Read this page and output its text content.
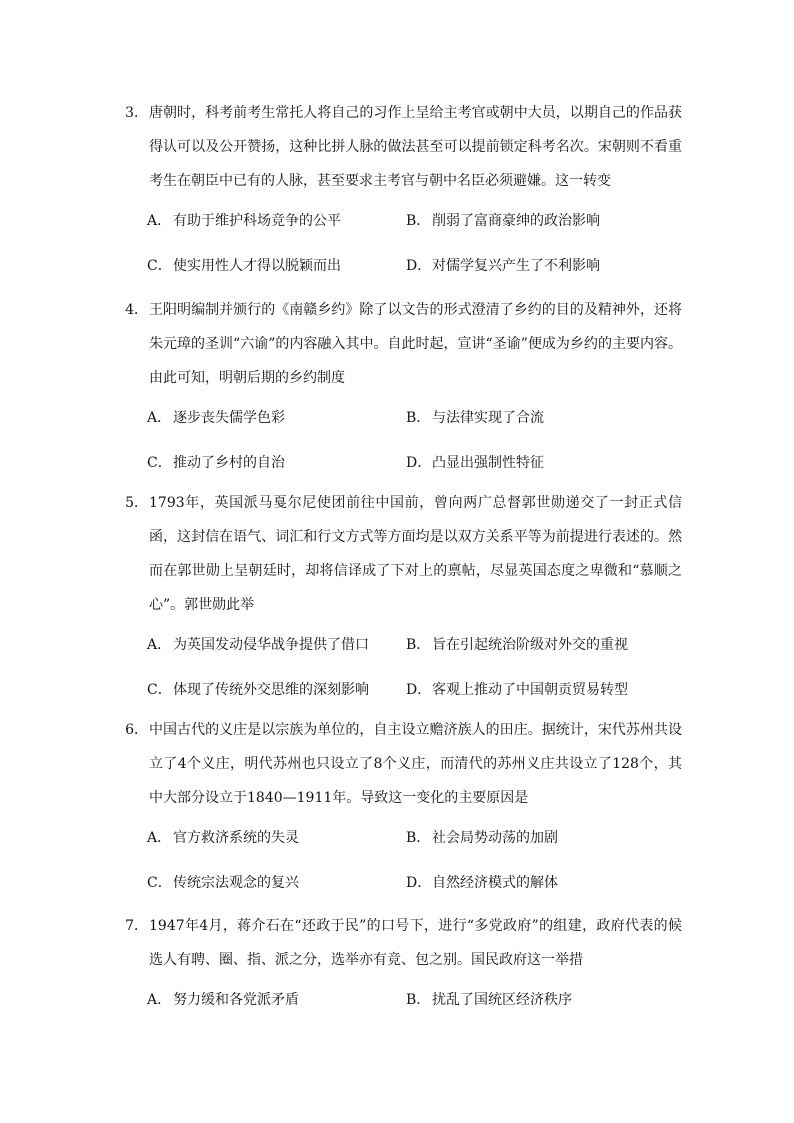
3． 唐朝时，科考前考生常托人将自己的习作上呈给主考官或朝中大员，以期自己的作品获得认可以及公开赞扬，这种比拼人脉的做法甚至可以提前锁定科考名次。宋朝则不看重考生在朝臣中已有的人脉，甚至要求主考官与朝中名臣必须避嫌。这一转变
A． 有助于维护科场竞争的公平	B． 削弱了富商豪绅的政治影响
C．使实用性人才得以脱颖而出	D．对儒学复兴产生了不利影响
4． 王阳明编制并颁行的《南赣乡约》除了以文告的形式澄清了乡约的目的及精神外，还将朱元璋的圣训“六谕”的内容融入其中。自此时起，宣讲“圣谕”便成为乡约的主要内容。由此可知，明朝后期的乡约制度
A． 逐步丧失儒学色彩	B． 与法律实现了合流
C．推动了乡村的自治	D．凸显出强制性特征
5． 1793年，英国派马戛尔尼使团前往中国前，曾向两广总督郭世勋递交了一封正式信函，这封信在语气、词汇和行文方式等方面均是以双方关系平等为前提进行表述的。然而在郭世勋上呈朝廷时，却将信译成了下对上的禀帖，尽显英国态度之卑微和“慕顺之心”。郭世勋此举
A． 为英国发动侵华战争提供了借口	B． 旨在引起统治阶级对外交的重视
C．体现了传统外交思维的深刻影响	D．客观上推动了中国朝贡贸易转型
6． 中国古代的义庄是以宗族为单位的，自主设立赡济族人的田庄。据统计，宋代苏州共设立了4个义庄，明代苏州也只设立了8个义庄，而清代的苏州义庄共设立了128个，其中大部分设立于1840—1911年。导致这一变化的主要原因是
A． 官方救济系统的失灵	B． 社会局势动荡的加剧
C．传统宗法观念的复兴	D．自然经济模式的解体
7． 1947年4月，蒋介石在“还政于民”的口号下，进行“多党政府”的组建，政府代表的候选人有聘、圈、指、派之分，选举亦有竞、包之别。国民政府这一举措
A． 努力缓和各党派矛盾	B． 扰乱了国统区经济秩序
